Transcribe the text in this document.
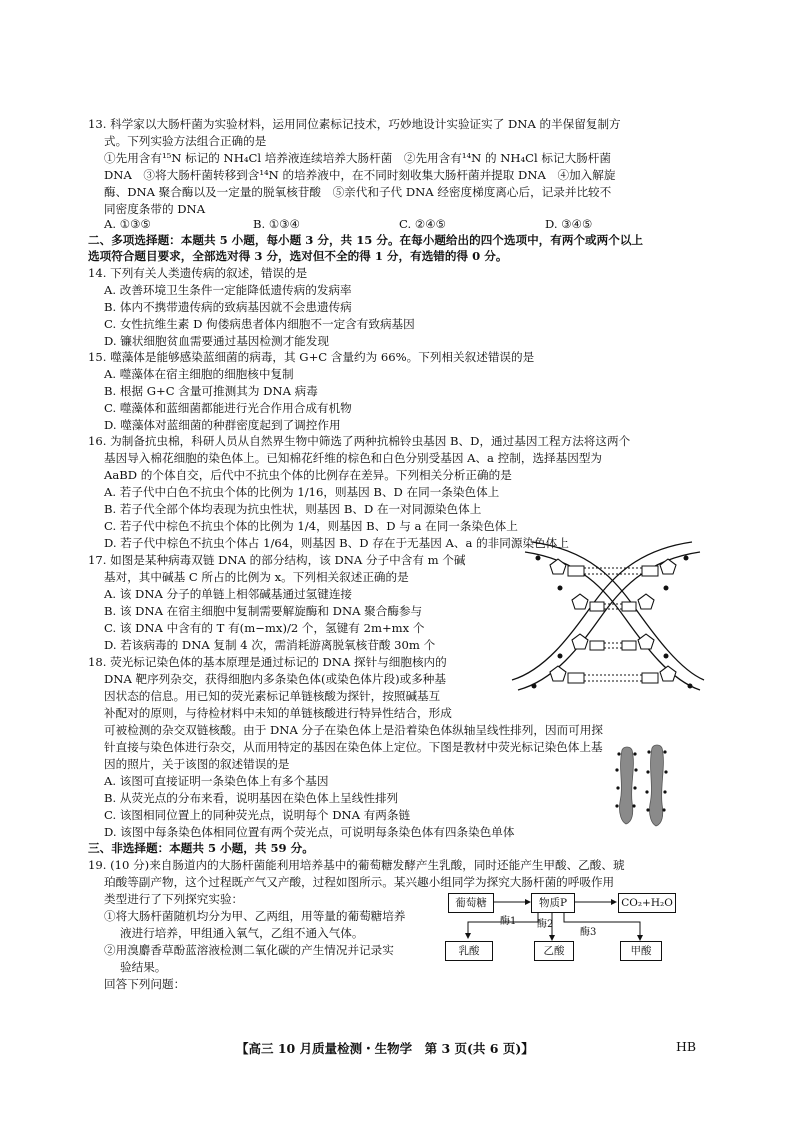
13. 科学家以大肠杆菌为实验材料，运用同位素标记技术，巧妙地设计实验证实了 DNA 的半保留复制方
式。下列实验方法组合正确的是
①先用含有¹⁵N 标记的 NH₄Cl 培养液连续培养大肠杆菌　②先用含有¹⁴N 的 NH₄Cl 标记大肠杆菌
DNA　③将大肠杆菌转移到含¹⁴N 的培养液中，在不同时刻收集大肠杆菌并提取 DNA　④加入解旋
酶、DNA 聚合酶以及一定量的脱氧核苷酸　⑤亲代和子代 DNA 经密度梯度离心后，记录并比较不
同密度条带的 DNA
A. ①③⑤	B. ①③④	C. ②④⑤	D. ③④⑤
二、多项选择题：本题共 5 小题，每小题 3 分，共 15 分。在每小题给出的四个选项中，有两个或两个以上
选项符合题目要求，全部选对得 3 分，选对但不全的得 1 分，有选错的得 0 分。
14. 下列有关人类遗传病的叙述，错误的是
A. 改善环境卫生条件一定能降低遗传病的发病率
B. 体内不携带遗传病的致病基因就不会患遗传病
C. 女性抗维生素 D 佝偻病患者体内细胞不一定含有致病基因
D. 镰状细胞贫血需要通过基因检测才能发现
15. 噬藻体是能够感染蓝细菌的病毒，其 G+C 含量约为 66%。下列相关叙述错误的是
A. 噬藻体在宿主细胞的细胞核中复制
B. 根据 G+C 含量可推测其为 DNA 病毒
C. 噬藻体和蓝细菌都能进行光合作用合成有机物
D. 噬藻体对蓝细菌的种群密度起到了调控作用
16. 为制备抗虫棉，科研人员从自然界生物中筛选了两种抗棉铃虫基因 B、D，通过基因工程方法将这两个
基因导入棉花细胞的染色体上。已知棉花纤维的棕色和白色分别受基因 A、a 控制，选择基因型为
AaBD 的个体自交，后代中不抗虫个体的比例存在差异。下列相关分析正确的是
A. 若子代中白色不抗虫个体的比例为 1/16，则基因 B、D 在同一条染色体上
B. 若子代全部个体均表现为抗虫性状，则基因 B、D 在一对同源染色体上
C. 若子代中棕色不抗虫个体的比例为 1/4，则基因 B、D 与 a 在同一条染色体上
D. 若子代中棕色不抗虫个体占 1/64，则基因 B、D 存在于无基因 A、a 的非同源染色体上
17. 如图是某种病毒双链 DNA 的部分结构，该 DNA 分子中含有 m 个碱
基对，其中碱基 C 所占的比例为 x。下列相关叙述正确的是
A. 该 DNA 分子的单链上相邻碱基通过氢键连接
B. 该 DNA 在宿主细胞中复制需要解旋酶和 DNA 聚合酶参与
C. 该 DNA 中含有的 T 有(m−mx)/2 个，氢键有 2m+mx 个
D. 若该病毒的 DNA 复制 4 次，需消耗游离脱氧核苷酸 30m 个
18. 荧光标记染色体的基本原理是通过标记的 DNA 探针与细胞核内的
DNA 靶序列杂交，获得细胞内多条染色体(或染色体片段)或多种基
因状态的信息。用已知的荧光素标记单链核酸为探针，按照碱基互
补配对的原则，与待检材料中未知的单链核酸进行特异性结合，形成
可被检测的杂交双链核酸。由于 DNA 分子在染色体上是沿着染色体纵轴呈线性排列，因而可用探
针直接与染色体进行杂交，从而用特定的基因在染色体上定位。下图是教材中荧光标记染色体上基
因的照片，关于该图的叙述错误的是
A. 该图可直接证明一条染色体上有多个基因
B. 从荧光点的分布来看，说明基因在染色体上呈线性排列
C. 该图相同位置上的同种荧光点，说明每个 DNA 有两条链
D. 该图中每条染色体相同位置有两个荧光点，可说明每条染色体有四条染色单体
三、非选择题：本题共 5 小题，共 59 分。
19. (10 分)来自肠道内的大肠杆菌能利用培养基中的葡萄糖发酵产生乳酸，同时还能产生甲酸、乙酸、琥
珀酸等副产物，这个过程既产气又产酸，过程如图所示。某兴趣小组同学为探究大肠杆菌的呼吸作用
类型进行了下列探究实验：
①将大肠杆菌随机均分为甲、乙两组，用等量的葡萄糖培养
液进行培养，甲组通入氧气，乙组不通入气体。
②用溴麝香草酚蓝溶液检测二氧化碳的产生情况并记录实
验结果。
回答下列问题：
葡萄糖	物质P	CO₂+H₂O
乳酸	乙酸	甲酸
酶1 酶2
酶3
【高三 10 月质量检测・生物学　第 3 页(共 6 页)】	HB
